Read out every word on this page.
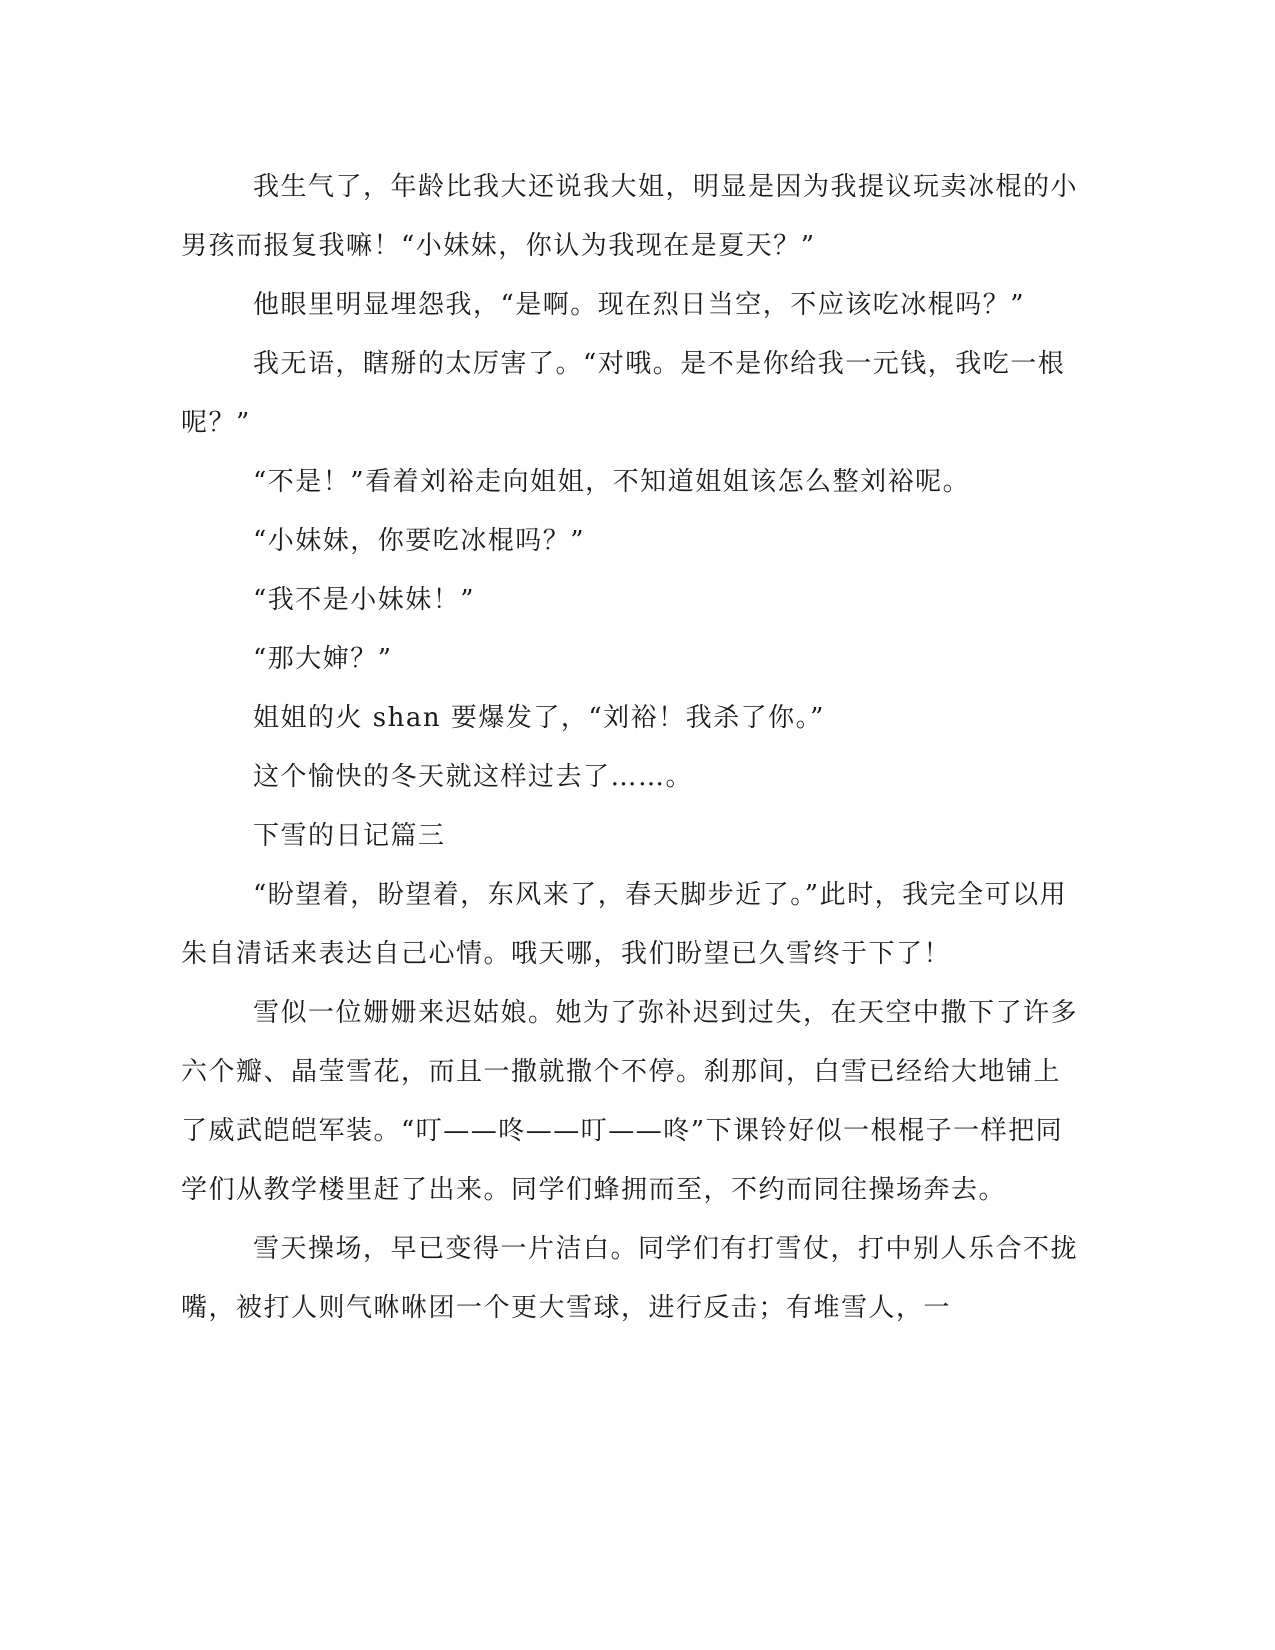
我生气了，年龄比我大还说我大姐，明显是因为我提议玩卖冰棍的小男孩而报复我嘛！“小妹妹，你认为我现在是夏天？”

他眼里明显埋怨我，“是啊。现在烈日当空，不应该吃冰棍吗？”

我无语，瞎掰的太厉害了。“对哦。是不是你给我一元钱，我吃一根呢？”

“不是！”看着刘裕走向姐姐，不知道姐姐该怎么整刘裕呢。

“小妹妹，你要吃冰棍吗？”

“我不是小妹妹！”

“那大婶？”

姐姐的火 shan 要爆发了，“刘裕！我杀了你。”

这个愉快的冬天就这样过去了……。

下雪的日记篇三

“盼望着，盼望着，东风来了，春天脚步近了。”此时，我完全可以用朱自清话来表达自己心情。哦天哪，我们盼望已久雪终于下了！

雪似一位姗姗来迟姑娘。她为了弥补迟到过失，在天空中撒下了许多六个瓣、晶莹雪花，而且一撒就撒个不停。刹那间，白雪已经给大地铺上了威武皑皑军装。“叮——咚——叮——咚”下课铃好似一根棍子一样把同学们从教学楼里赶了出来。同学们蜂拥而至，不约而同往操场奔去。

雪天操场，早已变得一片洁白。同学们有打雪仗，打中别人乐合不拢嘴，被打人则气咻咻团一个更大雪球，进行反击；有堆雪人，一
